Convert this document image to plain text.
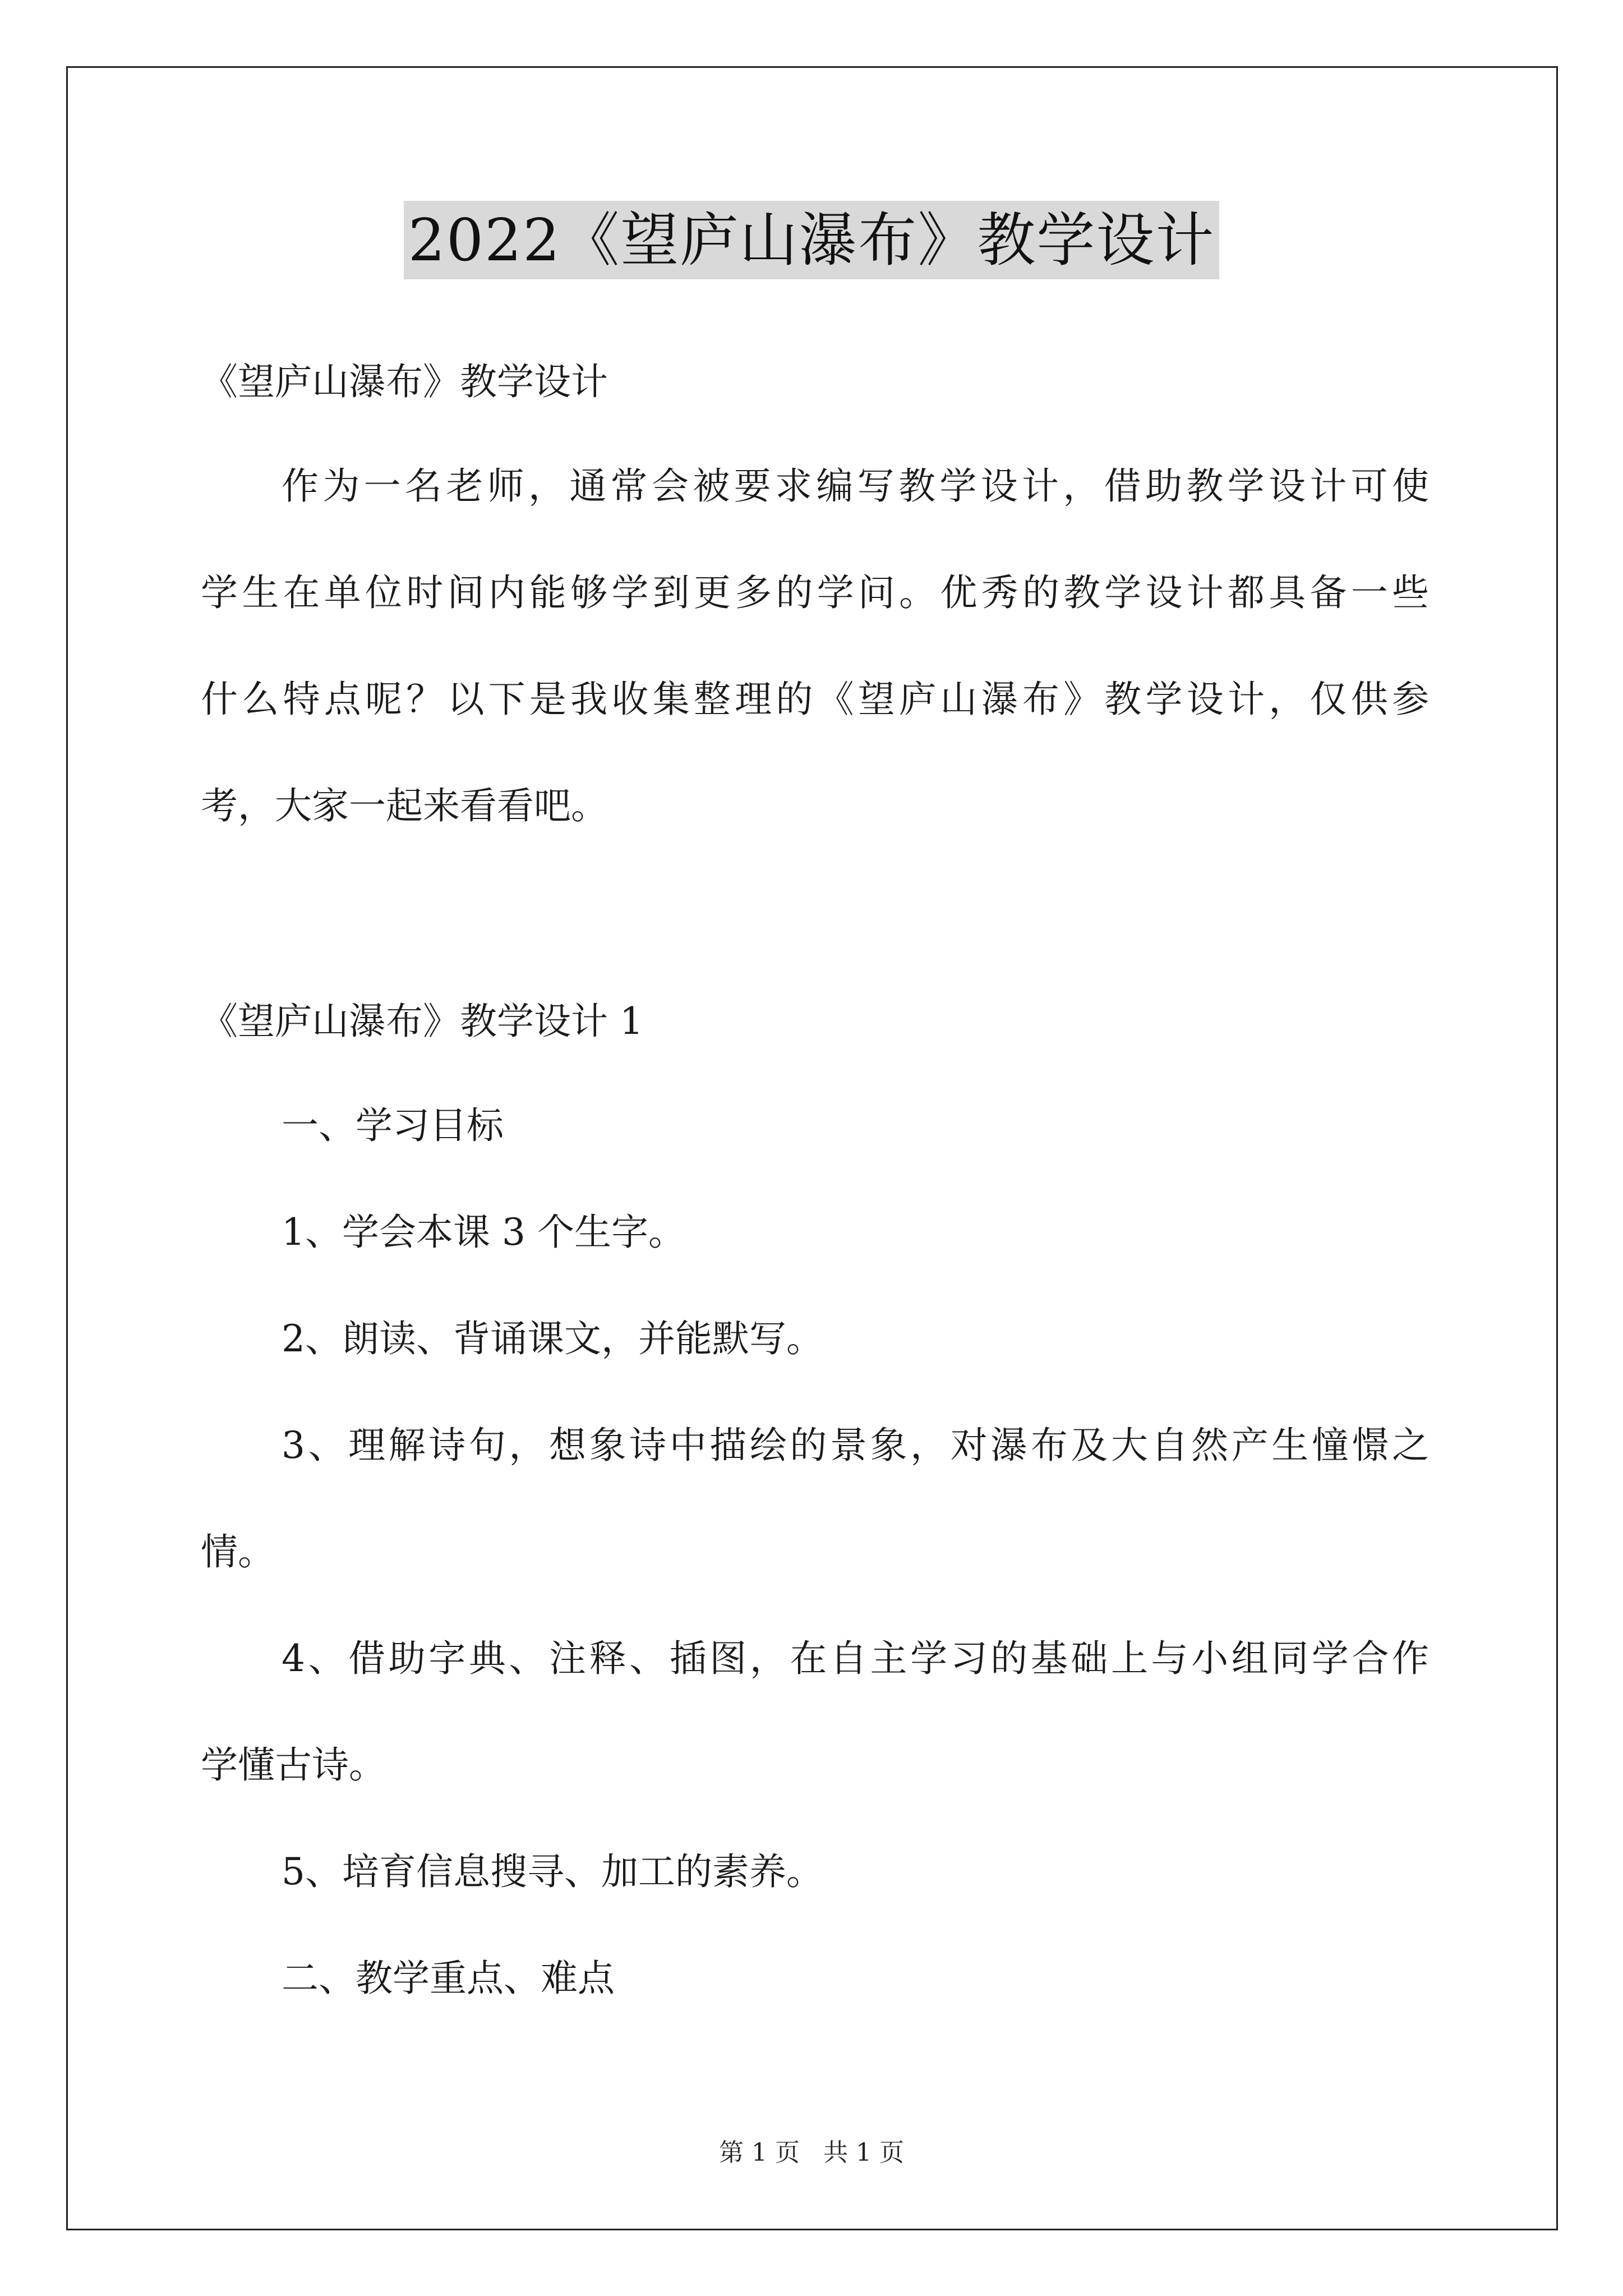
2022《望庐山瀑布》教学设计
《望庐山瀑布》教学设计
作为一名老师，通常会被要求编写教学设计，借助教学设计可使
学生在单位时间内能够学到更多的学问。优秀的教学设计都具备一些
什么特点呢？以下是我收集整理的《望庐山瀑布》教学设计，仅供参
考，大家一起来看看吧。
《望庐山瀑布》教学设计 1
一、学习目标
1、学会本课 3 个生字。
2、朗读、背诵课文，并能默写。
3、理解诗句，想象诗中描绘的景象，对瀑布及大自然产生憧憬之
情。
4、借助字典、注释、插图，在自主学习的基础上与小组同学合作
学懂古诗。
5、培育信息搜寻、加工的素养。
二、教学重点、难点
第 1 页 共 1 页
